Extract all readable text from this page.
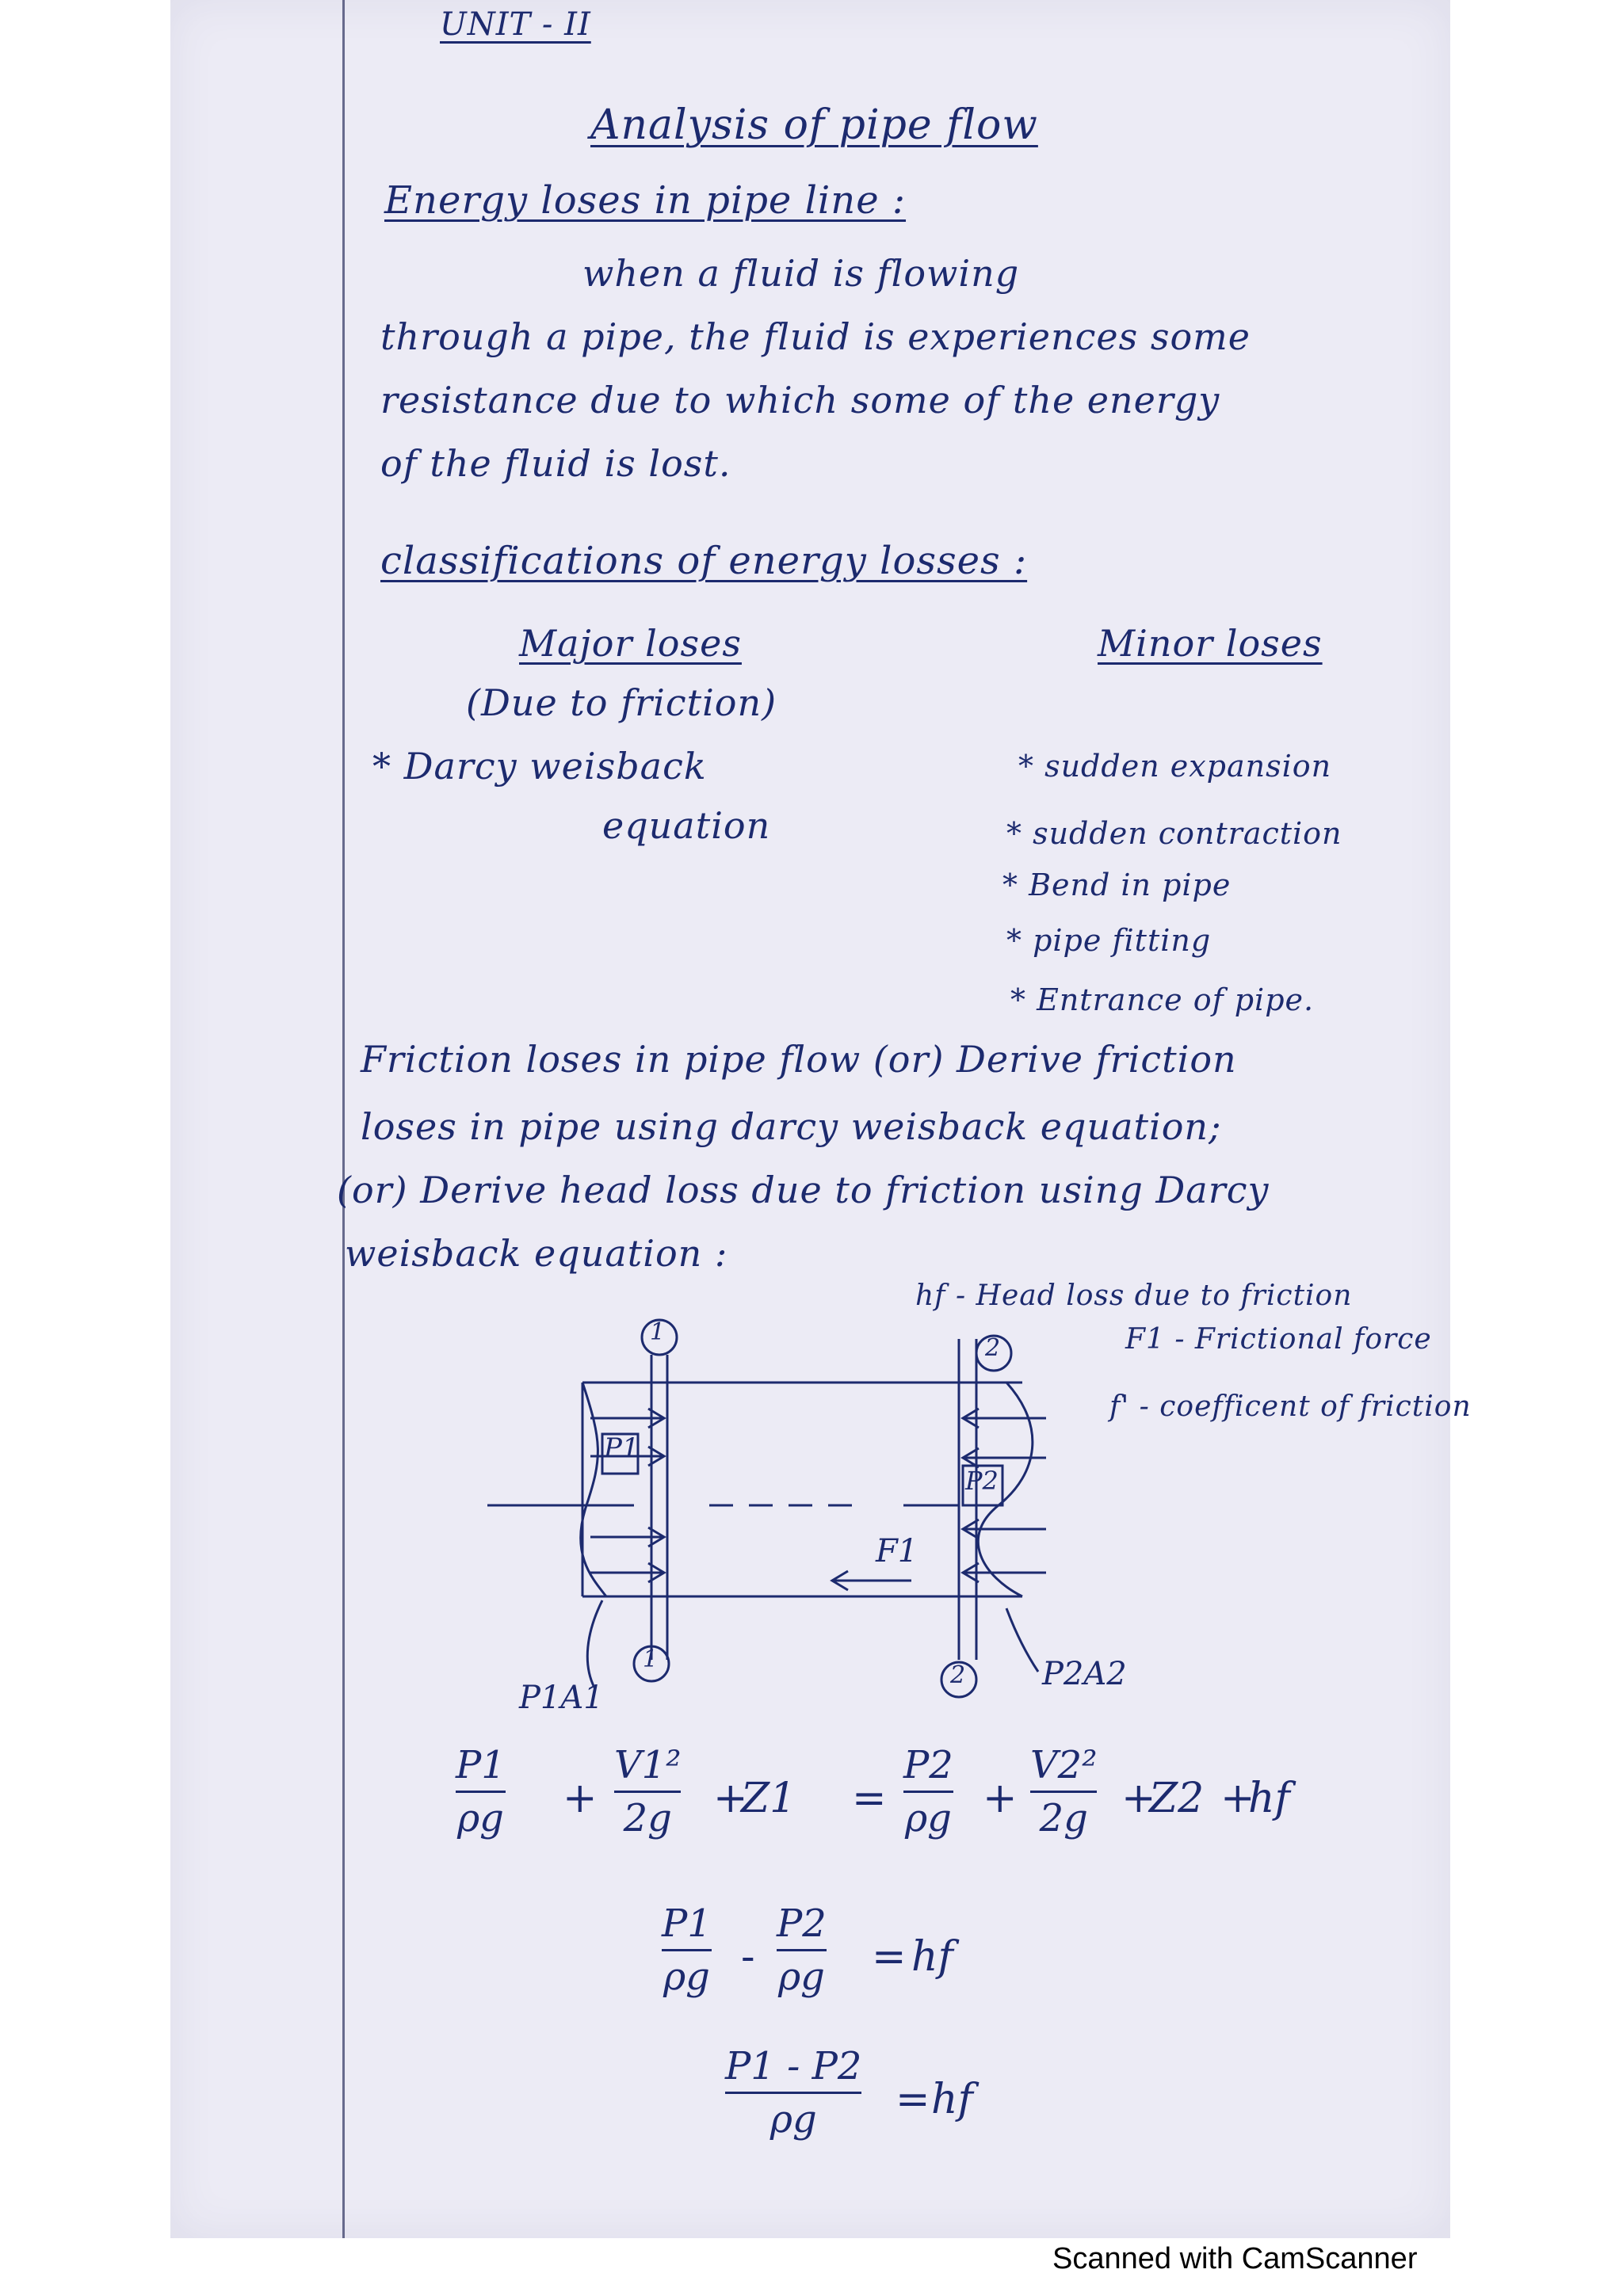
UNIT - II
Analysis of pipe flow
Energy loses in pipe line :
when a fluid is flowing
through a pipe, the fluid is experiences some
resistance due to which some of the energy
of the fluid is lost.
classifications of energy losses :
Major loses
(Due to friction)
* Darcy weisback
equation
Minor loses
* sudden expansion
* sudden contraction
* Bend in pipe
* pipe fitting
* Entrance of pipe.
Friction loses in pipe flow (or) Derive friction
loses in pipe using darcy weisback equation;
(or) Derive head loss due to friction using Darcy
weisback equation :
hf - Head loss due to friction
F1 - Frictional force
f' - coefficent of friction
1
2
1
2
P1
P2
F1
P1A1
P2A2
P1
ρg +
V1²
2g +
Z1 =
P2
ρg +
V2²
2g +
Z2 +
hf
P1
ρg -
P2
ρg = hf
P1 - P2
ρg = hf
Scanned with CamScanner
